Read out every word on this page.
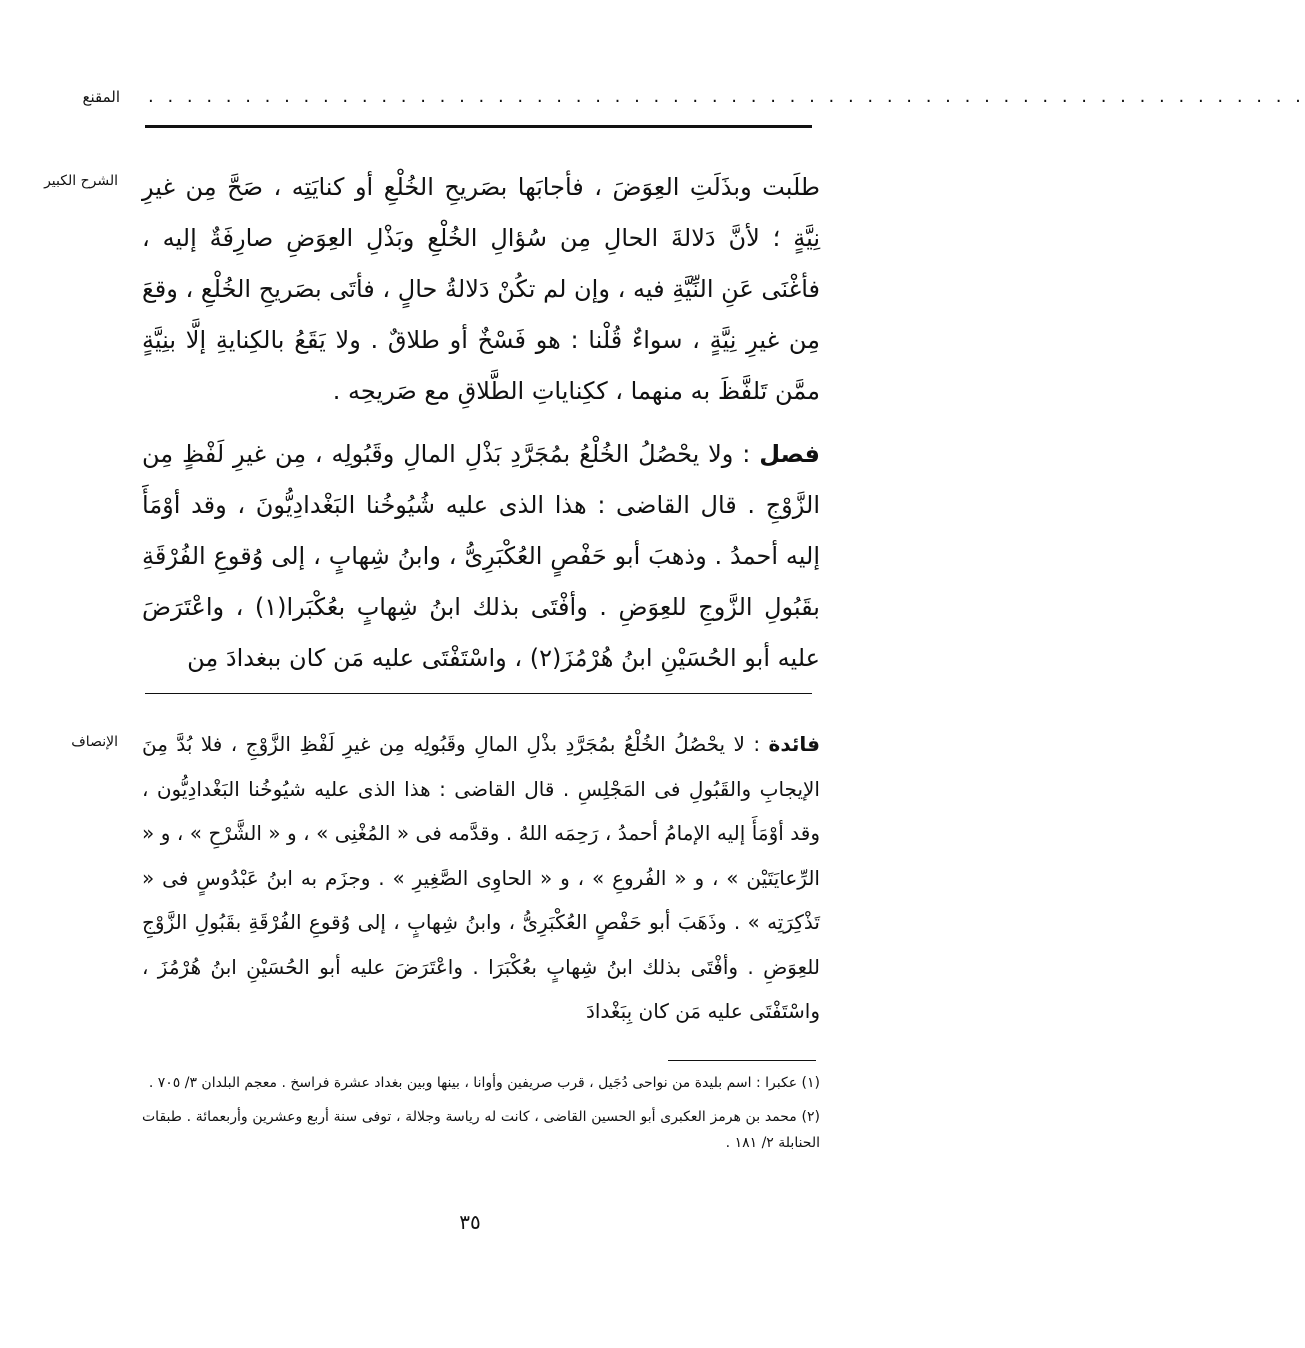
المقنع . . . . . . . . . . . . . . . . . . . . . . . . . . . . . . . . . . . . . . . . . . . . . . . . . . . . . . . . . . . .
الشرح الكبير طلَبت وبذَلَتِ العِوَضَ ، فأجابَها بصَريحِ الخُلْعِ أو كنايَتِه ، صَحَّ مِن غيرِ نِيَّةٍ ؛ لأنَّ دَلالةَ الحالِ مِن سُؤالِ الخُلْعِ وبَذْلِ العِوَضِ صارِفَةٌ إليه ، فأغْنَى عَنِ النِّيَّةِ فيه ، وإن لم تكُنْ دَلالةُ حالٍ ، فأتَى بصَريحِ الخُلْعِ ، وقعَ مِن غيرِ نِيَّةٍ ، سواءٌ قُلْنا : هو فَسْخٌ أو طلاقٌ . ولا يَقَعُ بالكِنايةِ إلَّا بنِيَّةٍ ممَّن تَلفَّظَ به منهما ، ككِناياتِ الطَّلاقِ مع صَريحِه .

فصل : ولا يحْصُلُ الخُلْعُ بمُجَرَّدِ بَذْلِ المالِ وقَبُولِه ، مِن غيرِ لَفْظٍ مِن الزَّوْجِ . قال القاضى : هذا الذى عليه شُيُوخُنا البَغْدادِيُّونَ ، وقد أوْمَأَ إليه أحمدُ . وذهبَ أبو حَفْصٍ العُكْبَرِىُّ ، وابنُ شِهابٍ ، إلى وُقوعِ الفُرْقَةِ بقَبُولِ الزَّوجِ للعِوَضِ . وأفْتَى بذلك ابنُ شِهابٍ بعُكْبَرا(١) ، واعْتَرَضَ عليه أبو الحُسَيْنِ ابنُ هُرْمُزَ(٢) ، واسْتَفْتَى عليه مَن كان ببغدادَ مِن

الإنصاف	فائدة : لا يحْصُلُ الخُلْعُ بمُجَرَّدِ بذْلِ المالِ وقَبُولِه مِن غيرِ لَفْظِ الزَّوْجِ ، فلا بُدَّ مِنَ الإيجابِ والقَبُولِ فى المَجْلِسِ . قال القاضى : هذا الذى عليه شيُوخُنا البَغْدادِيُّون ، وقد أوْمَأَ إليه الإمامُ أحمدُ ، رَحِمَه اللهُ . وقدَّمه فى « المُغْنِى » ، و « الشَّرْحِ » ، و « الرِّعايَتَيْن » ، و « الفُروعِ » ، و « الحاوِى الصَّغِيرِ » . وجزَم به ابنُ عَبْدُوسٍ فى « تَذْكِرَتِه » . وذَهَبَ أبو حَفْصٍ العُكْبَرِىُّ ، وابنُ شِهابٍ ، إلى وُقوعِ الفُرْقَةِ بقَبُولِ الزَّوْجِ للعِوَضِ . وأفْتَى بذلك ابنُ شِهابٍ بعُكْبَرَا . واعْتَرَضَ عليه أبو الحُسَيْنِ ابنُ هُرْمُزَ ، واسْتَفْتَى عليه مَن كان بِبَغْدادَ

(١) عكبرا : اسم بليدة من نواحى دُجَيل ، قرب صريفين وأوانا ، بينها وبين بغداد عشرة فراسخ . معجم البلدان ٣/ ٧٠٥ .

(٢) محمد بن هرمز العكبرى أبو الحسين القاضى ، كانت له رياسة وجلالة ، توفى سنة أربع وعشرين وأربعمائة . طبقات الحنابلة ٢/ ١٨١ .

٣٥
